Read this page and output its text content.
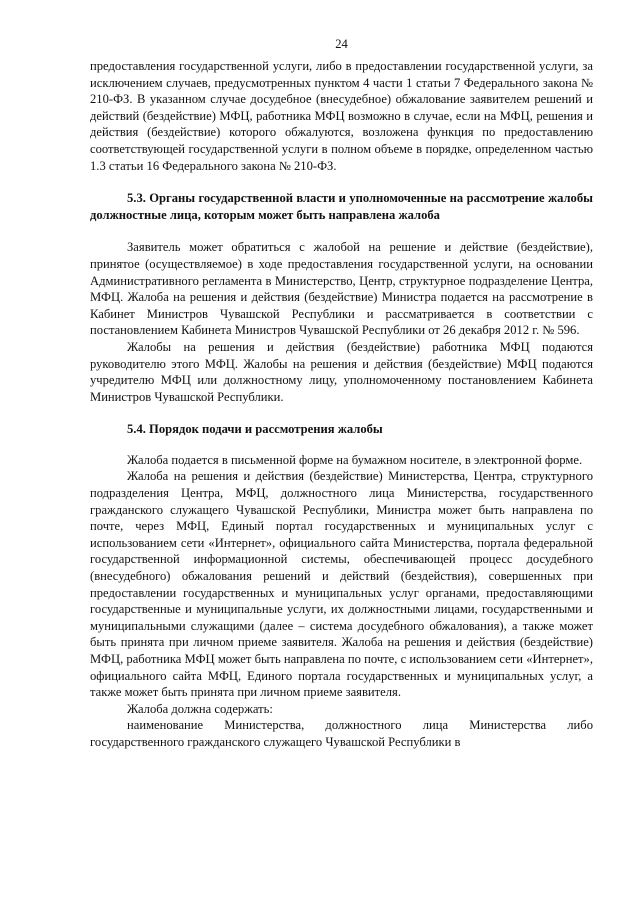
24

предоставления государственной услуги, либо в предоставлении государственной услуги, за исключением случаев, предусмотренных пунктом 4 части 1 статьи 7 Федерального закона № 210-ФЗ. В указанном случае досудебное (внесудебное) обжалование заявителем решений и действий (бездействие) МФЦ, работника МФЦ возможно в случае, если на МФЦ, решения и действия (бездействие) которого обжалуются, возложена функция по предоставлению соответствующей государственной услуги в полном объеме в порядке, определенном частью 1.3 статьи 16 Федерального закона № 210-ФЗ.

5.3. Органы государственной власти и уполномоченные на рассмотрение жалобы должностные лица, которым может быть направлена жалоба

Заявитель может обратиться с жалобой на решение и действие (бездействие), принятое (осуществляемое) в ходе предоставления государственной услуги, на основании Административного регламента в Министерство, Центр, структурное подразделение Центра, МФЦ. Жалоба на решения и действия (бездействие) Министра подается на рассмотрение в Кабинет Министров Чувашской Республики и рассматривается в соответствии с постановлением Кабинета Министров Чувашской Республики от 26 декабря 2012 г. № 596.

Жалобы на решения и действия (бездействие) работника МФЦ подаются руководителю этого МФЦ. Жалобы на решения и действия (бездействие) МФЦ подаются учредителю МФЦ или должностному лицу, уполномоченному постановлением Кабинета Министров Чувашской Республики.

5.4. Порядок подачи и рассмотрения жалобы

Жалоба подается в письменной форме на бумажном носителе, в электронной форме.

Жалоба на решения и действия (бездействие) Министерства, Центра, структурного подразделения Центра, МФЦ, должностного лица Министерства, государственного гражданского служащего Чувашской Республики, Министра может быть направлена по почте, через МФЦ, Единый портал государственных и муниципальных услуг с использованием сети «Интернет», официального сайта Министерства, портала федеральной государственной информационной системы, обеспечивающей процесс досудебного (внесудебного) обжалования решений и действий (бездействия), совершенных при предоставлении государственных и муниципальных услуг органами, предоставляющими государственные и муниципальные услуги, их должностными лицами, государственными и муниципальными служащими (далее – система досудебного обжалования), а также может быть принята при личном приеме заявителя. Жалоба на решения и действия (бездействие) МФЦ, работника МФЦ может быть направлена по почте, с использованием сети «Интернет», официального сайта МФЦ, Единого портала государственных и муниципальных услуг, а также может быть принята при личном приеме заявителя.

Жалоба должна содержать:

наименование Министерства, должностного лица Министерства либо государственного гражданского служащего Чувашской Республики в
